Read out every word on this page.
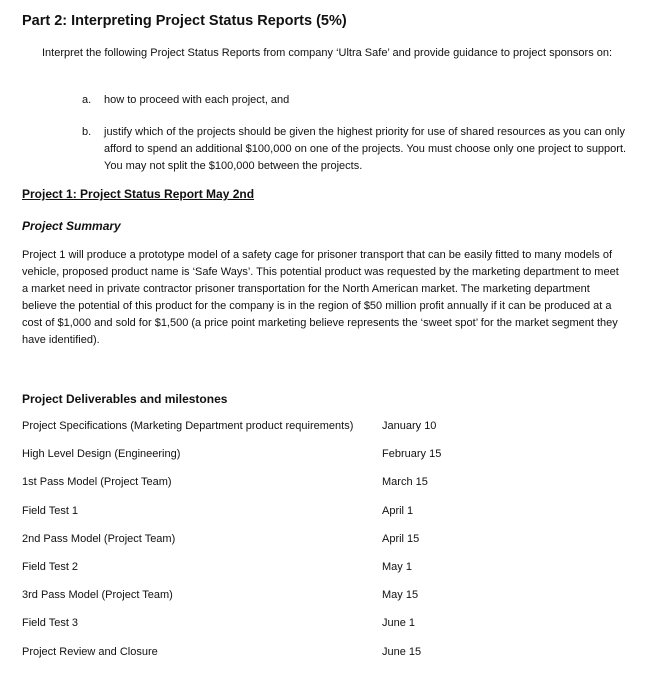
Part 2: Interpreting Project Status Reports (5%)

Interpret the following Project Status Reports from company ‘Ultra Safe’ and provide guidance to project sponsors on:

a.	how to proceed with each project, and
b.	justify which of the projects should be given the highest priority for use of shared resources as you can only afford to spend an additional $100,000 on one of the projects. You must choose only one project to support. You may not split the $100,000 between the projects.
Project 1: Project Status Report May 2nd
Project Summary

Project 1 will produce a prototype model of a safety cage for prisoner transport that can be easily fitted to many models of vehicle, proposed product name is ‘Safe Ways’. This potential product was requested by the marketing department to meet a market need in private contractor prisoner transportation for the North American market. The marketing department believe the potential of this product for the company is in the region of $50 million profit annually if it can be produced at a cost of $1,000 and sold for $1,500 (a price point marketing believe represents the ‘sweet spot’ for the market segment they have identified).

Project Deliverables and milestones
Project Specifications (Marketing Department product requirements)	January 10
High Level Design (Engineering)	February 15
1st Pass Model (Project Team)	March 15
Field Test 1	April 1
2nd Pass Model (Project Team)	April 15
Field Test 2	May 1
3rd Pass Model (Project Team)	May 15
Field Test 3	June 1
Project Review and Closure	June 15
